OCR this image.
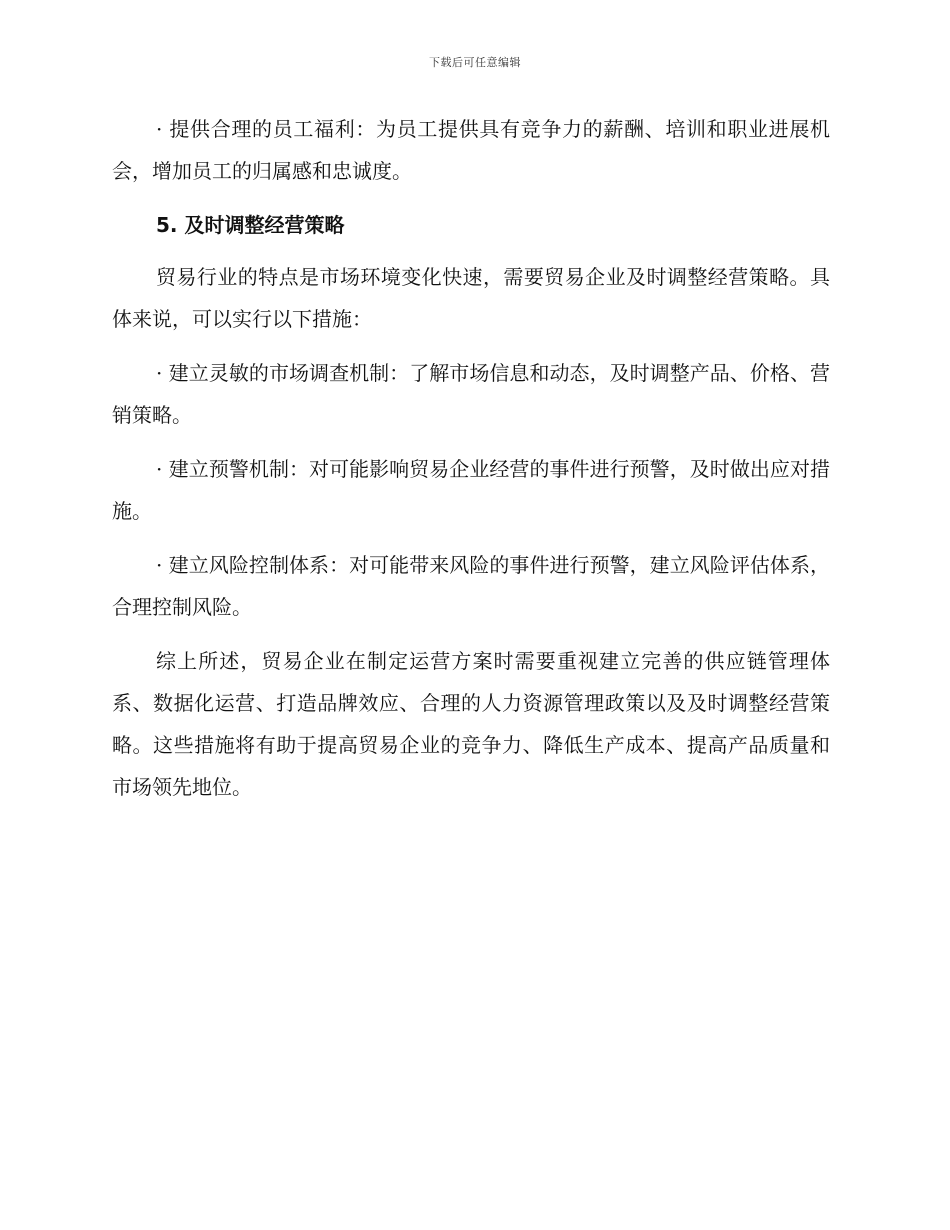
下载后可任意编辑

· 提供合理的员工福利：为员工提供具有竞争力的薪酬、培训和职业进展机会，增加员工的归属感和忠诚度。

5. 及时调整经营策略

贸易行业的特点是市场环境变化快速，需要贸易企业及时调整经营策略。具体来说，可以实行以下措施：

· 建立灵敏的市场调查机制：了解市场信息和动态，及时调整产品、价格、营销策略。

· 建立预警机制：对可能影响贸易企业经营的事件进行预警，及时做出应对措施。

· 建立风险控制体系：对可能带来风险的事件进行预警，建立风险评估体系，合理控制风险。

综上所述，贸易企业在制定运营方案时需要重视建立完善的供应链管理体系、数据化运营、打造品牌效应、合理的人力资源管理政策以及及时调整经营策略。这些措施将有助于提高贸易企业的竞争力、降低生产成本、提高产品质量和市场领先地位。
